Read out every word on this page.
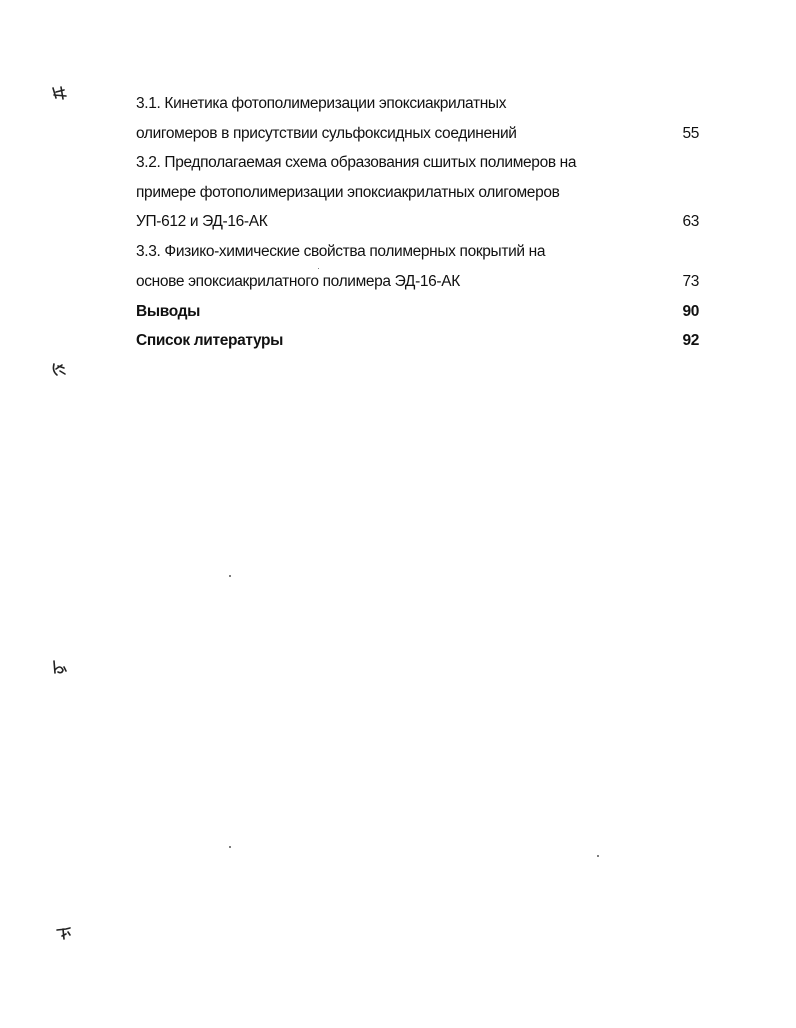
3.1. Кинетика фотополимеризации эпоксиакрилатных
олигомеров в присутствии сульфоксидных соединений	55
3.2. Предполагаемая схема образования сшитых полимеров на
примере фотополимеризации эпоксиакрилатных олигомеров
УП-612 и ЭД-16-АК	63
3.3. Физико-химические свойства полимерных покрытий на
основе эпоксиакрилатного полимера ЭД-16-АК	73
Выводы	90
Список литературы	92
